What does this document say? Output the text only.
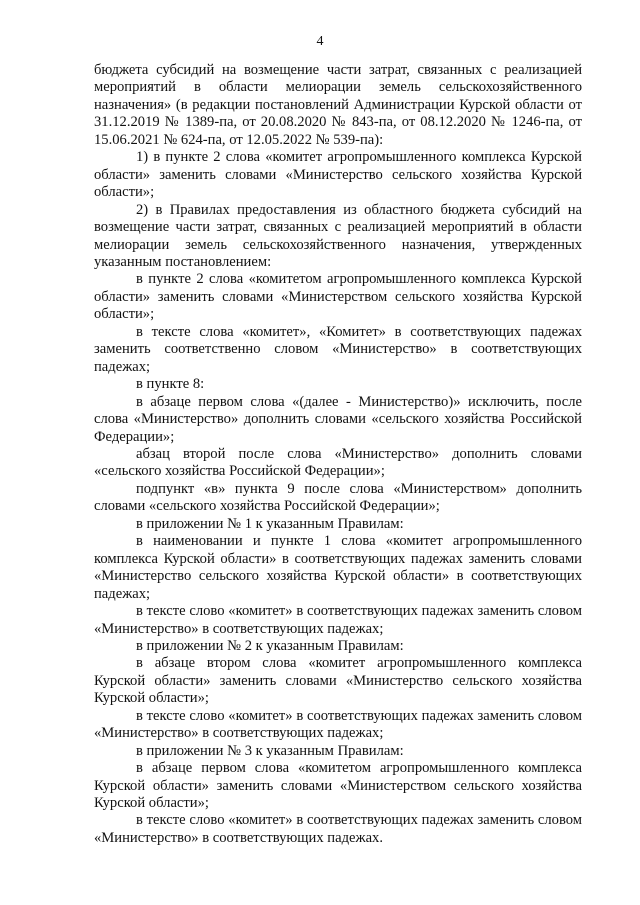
4

бюджета субсидий на возмещение части затрат, связанных с реализацией мероприятий в области мелиорации земель сельскохозяйственного назначения» (в редакции постановлений Администрации Курской области от 31.12.2019 № 1389-па, от 20.08.2020 № 843-па, от 08.12.2020 № 1246-па, от 15.06.2021 № 624-па, от 12.05.2022 № 539-па):

1) в пункте 2 слова «комитет агропромышленного комплекса Курской области» заменить словами «Министерство сельского хозяйства Курской области»;

2) в Правилах предоставления из областного бюджета субсидий на возмещение части затрат, связанных с реализацией мероприятий в области мелиорации земель сельскохозяйственного назначения, утвержденных указанным постановлением:

в пункте 2 слова «комитетом агропромышленного комплекса Курской области» заменить словами «Министерством сельского хозяйства Курской области»;

в тексте слова «комитет», «Комитет» в соответствующих падежах заменить соответственно словом «Министерство» в соответствующих падежах;

в пункте 8:

в абзаце первом слова «(далее - Министерство)» исключить, после слова «Министерство» дополнить словами «сельского хозяйства Российской Федерации»;

абзац второй после слова «Министерство» дополнить словами «сельского хозяйства Российской Федерации»;

подпункт «в» пункта 9 после слова «Министерством» дополнить словами «сельского хозяйства Российской Федерации»;

в приложении № 1 к указанным Правилам:

в наименовании и пункте 1 слова «комитет агропромышленного комплекса Курской области» в соответствующих падежах заменить словами «Министерство сельского хозяйства Курской области» в соответствующих падежах;

в тексте слово «комитет» в соответствующих падежах заменить словом «Министерство» в соответствующих падежах;

в приложении № 2 к указанным Правилам:

в абзаце втором слова «комитет агропромышленного комплекса Курской области» заменить словами «Министерство сельского хозяйства Курской области»;

в тексте слово «комитет» в соответствующих падежах заменить словом «Министерство» в соответствующих падежах;

в приложении № 3 к указанным Правилам:

в абзаце первом слова «комитетом агропромышленного комплекса Курской области» заменить словами «Министерством сельского хозяйства Курской области»;

в тексте слово «комитет» в соответствующих падежах заменить словом «Министерство» в соответствующих падежах.
